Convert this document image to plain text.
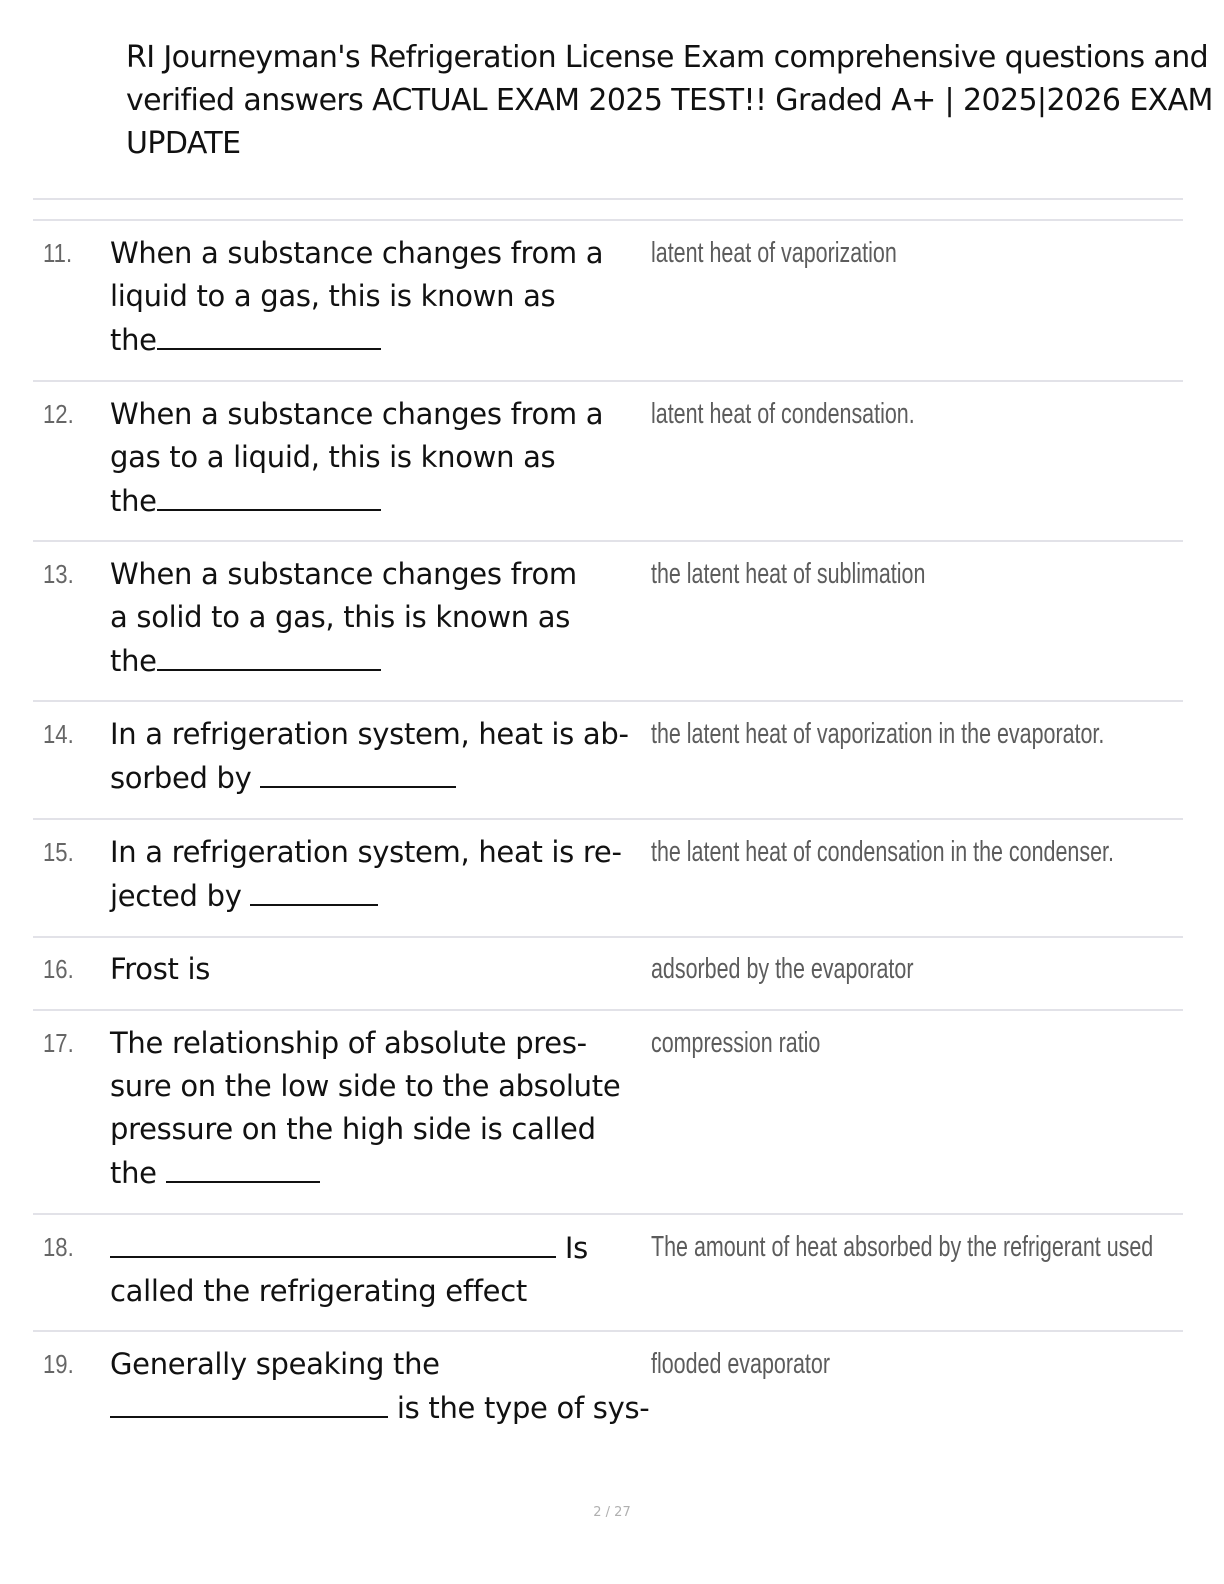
RI Journeyman's Refrigeration License Exam comprehensive questions and
verified answers ACTUAL EXAM 2025 TEST!! Graded A+ | 2025|2026 EXAM
UPDATE
11. When a substance changes from a
liquid to a gas, this is known as
the
latent heat of vaporization
12. When a substance changes from a
gas to a liquid, this is known as
the
latent heat of condensation.
13. When a substance changes from
a solid to a gas, this is known as
the
the latent heat of sublimation
14. In a refrigeration system, heat is ab-
sorbed by
the latent heat of vaporization in the evaporator.
15. In a refrigeration system, heat is re-
jected by
the latent heat of condensation in the condenser.
16. Frost is	adsorbed by the evaporator
17. The relationship of absolute pres-
sure on the low side to the absolute
pressure on the high side is called
the
compression ratio
18.	Is
called the refrigerating effect
The amount of heat absorbed by the refrigerant used
19. Generally speaking the
is the type of sys-
flooded evaporator
2 / 27
